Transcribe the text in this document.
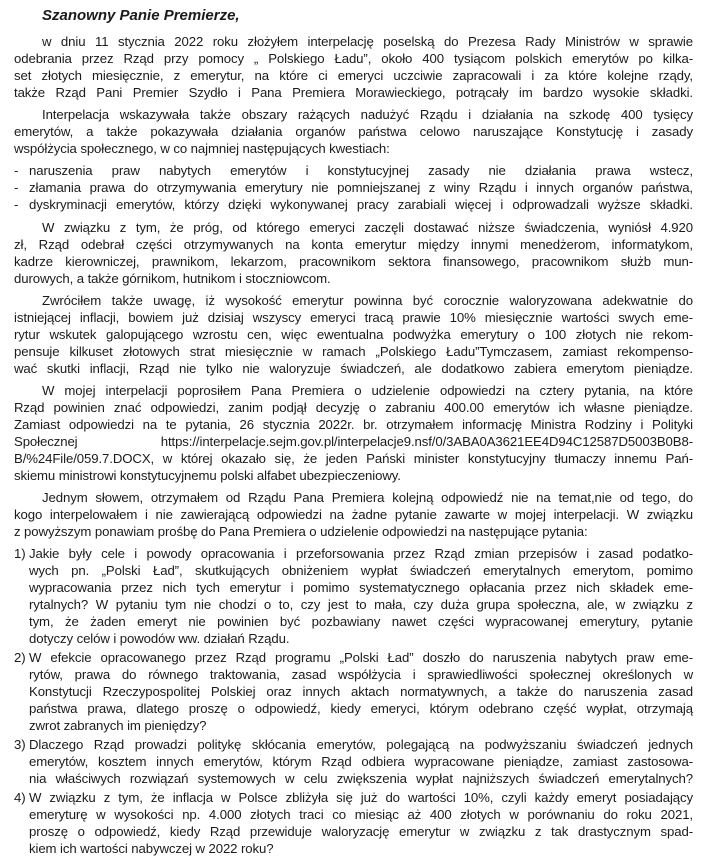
Szanowny Panie Premierze,
w dniu 11 stycznia 2022 roku złożyłem interpelację poselską do Prezesa Rady Ministrów w sprawie
odebrania przez Rząd przy pomocy „ Polskiego Ładu”, około 400 tysiącom polskich emerytów po kilka-
set złotych miesięcznie, z emerytur, na które ci emeryci uczciwie zapracowali i za które kolejne rządy,
także Rząd Pani Premier Szydło i Pana Premiera Morawieckiego, potrącały im bardzo wysokie składki.
Interpelacja wskazywała także obszary rażących nadużyć Rządu i działania na szkodę 400 tysięcy
emerytów, a także pokazywała działania organów państwa celowo naruszające Konstytucję i zasady
współżycia społecznego, w co najmniej następujących kwestiach:
- naruszenia praw nabytych emerytów i konstytucyjnej zasady nie działania prawa wstecz,
- złamania prawa do otrzymywania emerytury nie pomniejszanej z winy Rządu i innych organów państwa,
- dyskryminacji emerytów, którzy dzięki wykonywanej pracy zarabiali więcej i odprowadzali wyższe składki.
W związku z tym, że próg, od którego emeryci zaczęli dostawać niższe świadczenia, wyniósł 4.920
zł, Rząd odebrał części otrzymywanych na konta emerytur między innymi menedżerom, informatykom,
kadrze kierowniczej, prawnikom, lekarzom, pracownikom sektora finansowego, pracownikom służb mun-
durowych, a także górnikom, hutnikom i stoczniowcom.
Zwróciłem także uwagę, iż wysokość emerytur powinna być corocznie waloryzowana adekwatnie do
istniejącej inflacji, bowiem już dzisiaj wszyscy emeryci tracą prawie 10% miesięcznie wartości swych eme-
rytur wskutek galopującego wzrostu cen, więc ewentualna podwyżka emerytury o 100 złotych nie rekom-
pensuje kilkuset złotowych strat miesięcznie w ramach „Polskiego Ładu”Tymczasem, zamiast rekompenso-
wać skutki inflacji, Rząd nie tylko nie waloryzuje świadczeń, ale dodatkowo zabiera emerytom pieniądze.
W mojej interpelacji poprosiłem Pana Premiera o udzielenie odpowiedzi na cztery pytania, na które
Rząd powinien znać odpowiedzi, zanim podjął decyzję o zabraniu 400.00 emerytów ich własne pieniądze.
Zamiast odpowiedzi na te pytania, 26 stycznia 2022r. br. otrzymałem informację Ministra Rodziny i Polityki
Społecznej https://interpelacje.sejm.gov.pl/interpelacje9.nsf/0/3ABA0A3621EE4D94C12587D5003B0B8-
B/%24File/059.7.DOCX, w której okazało się, że jeden Pański minister konstytucyjny tłumaczy innemu Pań-
skiemu ministrowi konstytucyjnemu polski alfabet ubezpieczeniowy.
Jednym słowem, otrzymałem od Rządu Pana Premiera kolejną odpowiedź nie na temat,nie od tego, do
kogo interpelowałem i nie zawierającą odpowiedzi na żadne pytanie zawarte w mojej interpelacji. W związku
z powyższym ponawiam prośbę do Pana Premiera o udzielenie odpowiedzi na następujące pytania:
1) Jakie były cele i powody opracowania i przeforsowania przez Rząd zmian przepisów i zasad podatko-
wych pn. „Polski Ład”, skutkujących obniżeniem wypłat świadczeń emerytalnych emerytom, pomimo
wypracowania przez nich tych emerytur i pomimo systematycznego opłacania przez nich składek eme-
rytalnych? W pytaniu tym nie chodzi o to, czy jest to mała, czy duża grupa społeczna, ale, w związku z
tym, że żaden emeryt nie powinien być pozbawiany nawet części wypracowanej emerytury, pytanie
dotyczy celów i powodów ww. działań Rządu.
2) W efekcie opracowanego przez Rząd programu „Polski Ład” doszło do naruszenia nabytych praw eme-
rytów, prawa do równego traktowania, zasad współżycia i sprawiedliwości społecznej określonych w
Konstytucji Rzeczypospolitej Polskiej oraz innych aktach normatywnych, a także do naruszenia zasad
państwa prawa, dlatego proszę o odpowiedź, kiedy emeryci, którym odebrano część wypłat, otrzymają
zwrot zabranych im pieniędzy?
3) Dlaczego Rząd prowadzi politykę skłócania emerytów, polegającą na podwyższaniu świadczeń jednych
emerytów, kosztem innych emerytów, którym Rząd odbiera wypracowane pieniądze, zamiast zastosowa-
nia właściwych rozwiązań systemowych w celu zwiększenia wypłat najniższych świadczeń emerytalnych?
4) W związku z tym, że inflacja w Polsce zbliżyła się już do wartości 10%, czyli każdy emeryt posiadający
emeryturę w wysokości np. 4.000 złotych traci co miesiąc aż 400 złotych w porównaniu do roku 2021,
proszę o odpowiedź, kiedy Rząd przewiduje waloryzację emerytur w związku z tak drastycznym spad-
kiem ich wartości nabywczej w 2022 roku?
